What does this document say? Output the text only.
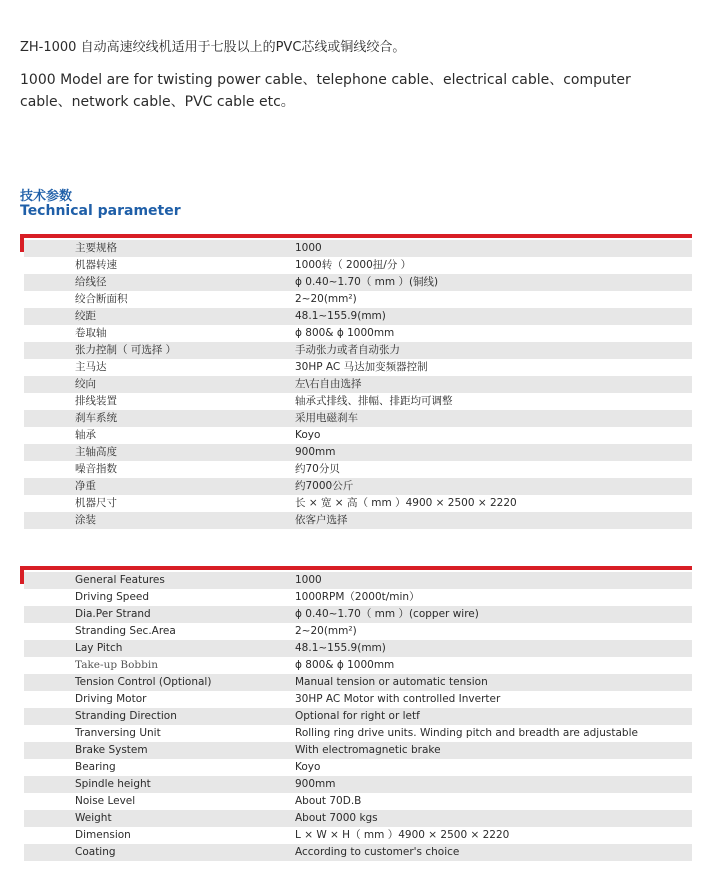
ZH-1000 自动高速绞线机适用于七股以上的PVC芯线或铜线绞合。
1000 Model are for twisting power cable、telephone cable、electrical cable、computer cable、network cable、PVC cable etc。
技术参数
Technical parameter
主要规格	1000
机器转速	1000转（ 2000扭/分 ）
给线径	ϕ 0.40~1.70（ mm ）(铜线)
绞合断面积	2~20(mm²)
绞距	48.1~155.9(mm)
卷取轴	ϕ 800& ϕ 1000mm
张力控制（ 可选择 ）	手动张力或者自动张力
主马达	30HP AC 马达加变频器控制
绞向	左\右自由选择
排线装置	轴承式排线、排幅、排距均可调整
刹车系统	采用电磁刹车
轴承	Koyo
主轴高度	900mm
噪音指数	约70分贝
净重	约7000公斤
机器尺寸	长 × 宽 × 高（ mm ）4900 × 2500 × 2220
涂装	依客户选择
General Features	1000
Driving Speed	1000RPM（2000t/min）
Dia.Per Strand	ϕ 0.40~1.70（ mm ）(copper wire)
Stranding Sec.Area	2~20(mm²)
Lay Pitch	48.1~155.9(mm)
Take-up Bobbin	ϕ 800& ϕ 1000mm
Tension Control (Optional)	Manual tension or automatic tension
Driving Motor	30HP AC Motor with controlled Inverter
Stranding Direction	Optional for right or letf
Tranversing Unit	Rolling ring drive units. Winding pitch and breadth are adjustable
Brake System	With electromagnetic brake
Bearing	Koyo
Spindle height	900mm
Noise Level	About 70D.B
Weight	About 7000 kgs
Dimension	L × W × H（ mm ）4900 × 2500 × 2220
Coating	According to customer's choice
